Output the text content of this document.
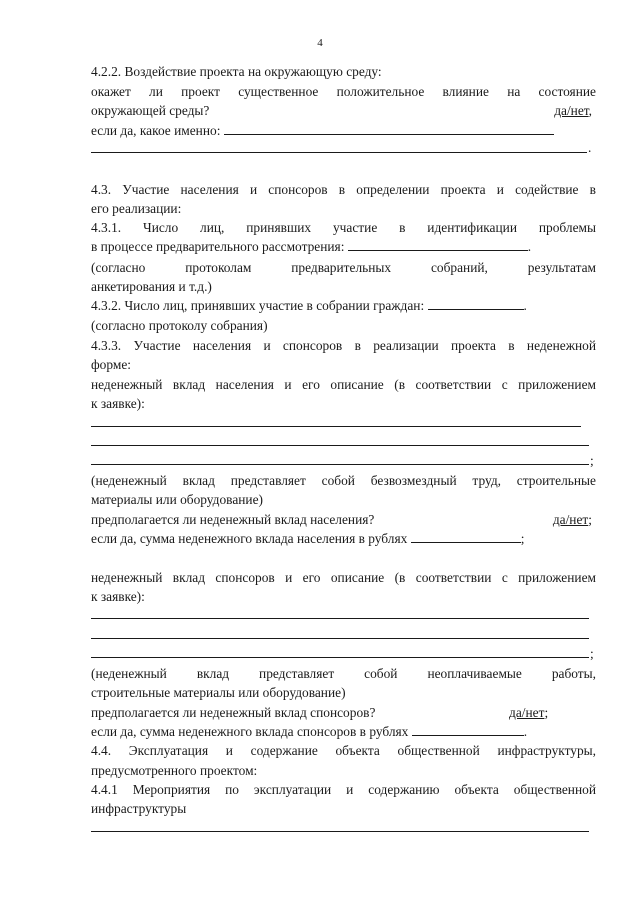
4
4.2.2. Воздействие проекта на окружающую среду:
окажет ли проект существенное положительное влияние на состояние
окружающей среды?	да/нет,
если да, какое именно:
.
4.3. Участие населения и спонсоров в определении проекта и содействие в
его реализации:
4.3.1. Число лиц, принявших участие в идентификации проблемы
в процессе предварительного рассмотрения:	.
(согласно протоколам предварительных собраний, результатам
анкетирования и т.д.)
4.3.2. Число лиц, принявших участие в собрании граждан:	.
(согласно протоколу собрания)
4.3.3. Участие населения и спонсоров в реализации проекта в неденежной
форме:
неденежный вклад населения и его описание (в соответствии с приложением
к заявке):
;
(неденежный вклад представляет собой безвозмездный труд, строительные
материалы или оборудование)
предполагается ли неденежный вклад населения?	да/нет;
если да, сумма неденежного вклада населения в рублях	;
неденежный вклад спонсоров и его описание (в соответствии с приложением
к заявке):
;
(неденежный вклад представляет собой неоплачиваемые работы,
строительные материалы или оборудование)
предполагается ли неденежный вклад спонсоров?	да/нет;
если да, сумма неденежного вклада спонсоров в рублях	.
4.4. Эксплуатация и содержание объекта общественной инфраструктуры,
предусмотренного проектом:
4.4.1 Мероприятия по эксплуатации и содержанию объекта общественной
инфраструктуры
